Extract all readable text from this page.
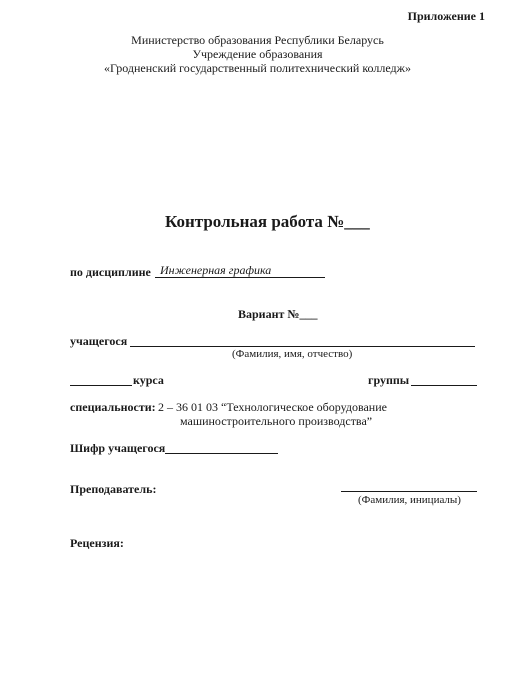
Приложение 1
Министерство образования Республики Беларусь
Учреждение образования
«Гродненский государственный политехнический колледж»
Контрольная работа №___
по дисциплине Инженерная графика
Вариант №___
учащегося
(Фамилия, имя, отчество)
курса	группы
специальности: 2 – 36 01 03 “Технологическое оборудование
машиностроительного производства”
Шифр учащегося
Преподаватель:
(Фамилия, инициалы)
Рецензия:
